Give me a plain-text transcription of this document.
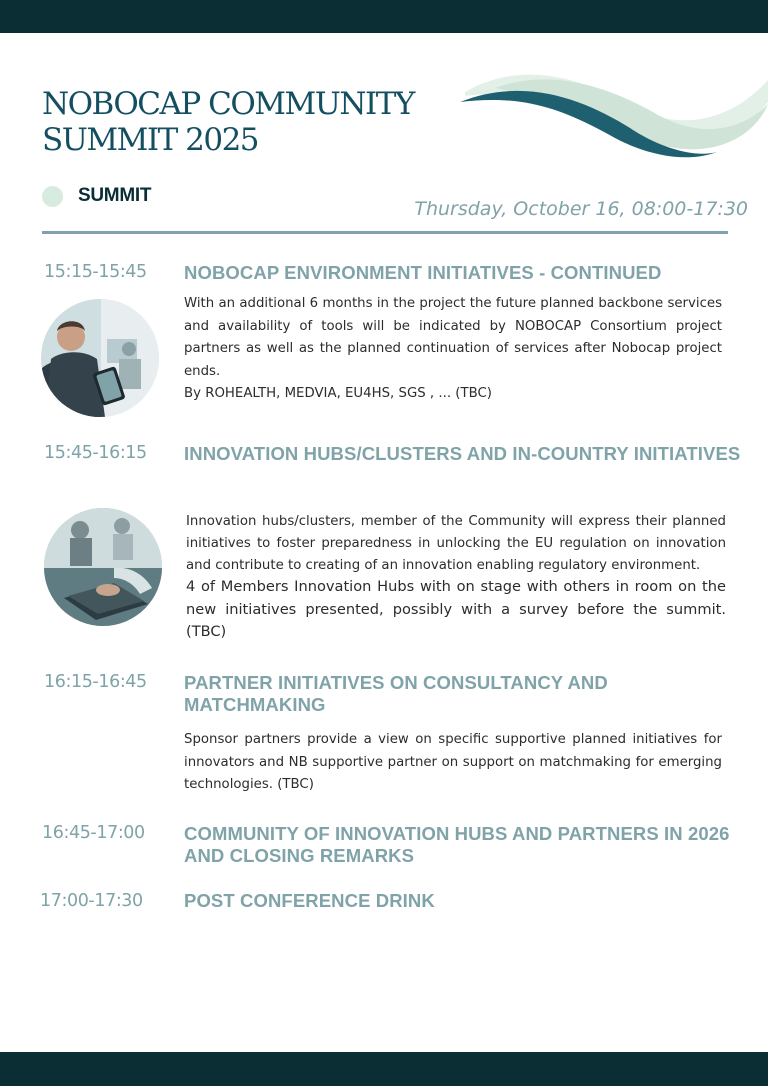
NOBOCAP COMMUNITY
SUMMIT 2025
SUMMIT
Thursday, October 16, 08:00-17:30
15:15-15:45 NOBOCAP ENVIRONMENT INITIATIVES - CONTINUED

With an additional 6 months in the project the future planned backbone services and availability of tools will be indicated by NOBOCAP Consortium project partners as well as the planned continuation of services after Nobocap project ends.

By ROHEALTH, MEDVIA, EU4HS, SGS , ... (TBC)

15:45-16:15 INNOVATION HUBS/CLUSTERS AND IN-COUNTRY INITIATIVES

Innovation hubs/clusters, member of the Community will express their planned initiatives to foster preparedness in unlocking the EU regulation on innovation and contribute to creating of an innovation enabling regulatory environment.

4 of Members Innovation Hubs with on stage with others in room on the new initiatives presented, possibly with a survey before the summit. (TBC)

16:15-16:45 PARTNER INITIATIVES ON CONSULTANCY AND MATCHMAKING

Sponsor partners provide a view on specific supportive planned initiatives for innovators and NB supportive partner on support on matchmaking for emerging technologies. (TBC)

16:45-17:00 COMMUNITY OF INNOVATION HUBS AND PARTNERS IN 2026 AND CLOSING REMARKS
17:00-17:30 POST CONFERENCE DRINK
